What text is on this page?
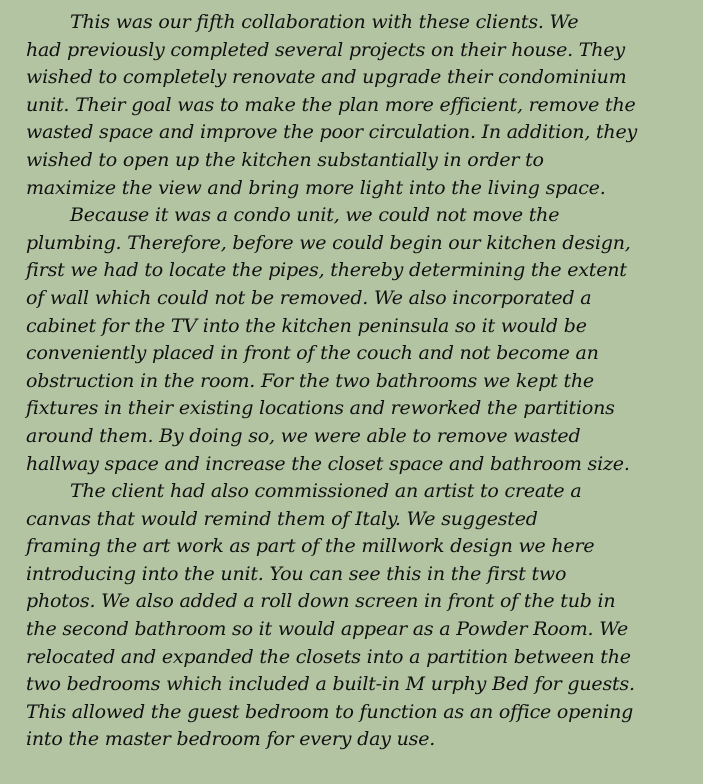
This was our fifth collaboration with these clients. We
had previously completed several projects on their house. They
wished to completely renovate and upgrade their condominium
unit. Their goal was to make the plan more efficient, remove the
wasted space and improve the poor circulation. In addition, they
wished to open up the kitchen substantially in order to
maximize the view and bring more light into the living space.
Because it was a condo unit, we could not move the
plumbing. Therefore, before we could begin our kitchen design,
first we had to locate the pipes, thereby determining the extent
of wall which could not be removed. We also incorporated a
cabinet for the TV into the kitchen peninsula so it would be
conveniently placed in front of the couch and not become an
obstruction in the room. For the two bathrooms we kept the
fixtures in their existing locations and reworked the partitions
around them. By doing so, we were able to remove wasted
hallway space and increase the closet space and bathroom size.
The client had also commissioned an artist to create a
canvas that would remind them of Italy. We suggested
framing the art work as part of the millwork design we here
introducing into the unit. You can see this in the first two
photos. We also added a roll down screen in front of the tub in
the second bathroom so it would appear as a Powder Room. We
relocated and expanded the closets into a partition between the
two bedrooms which included a built-in M urphy Bed for guests.
This allowed the guest bedroom to function as an office opening
into the master bedroom for every day use.
